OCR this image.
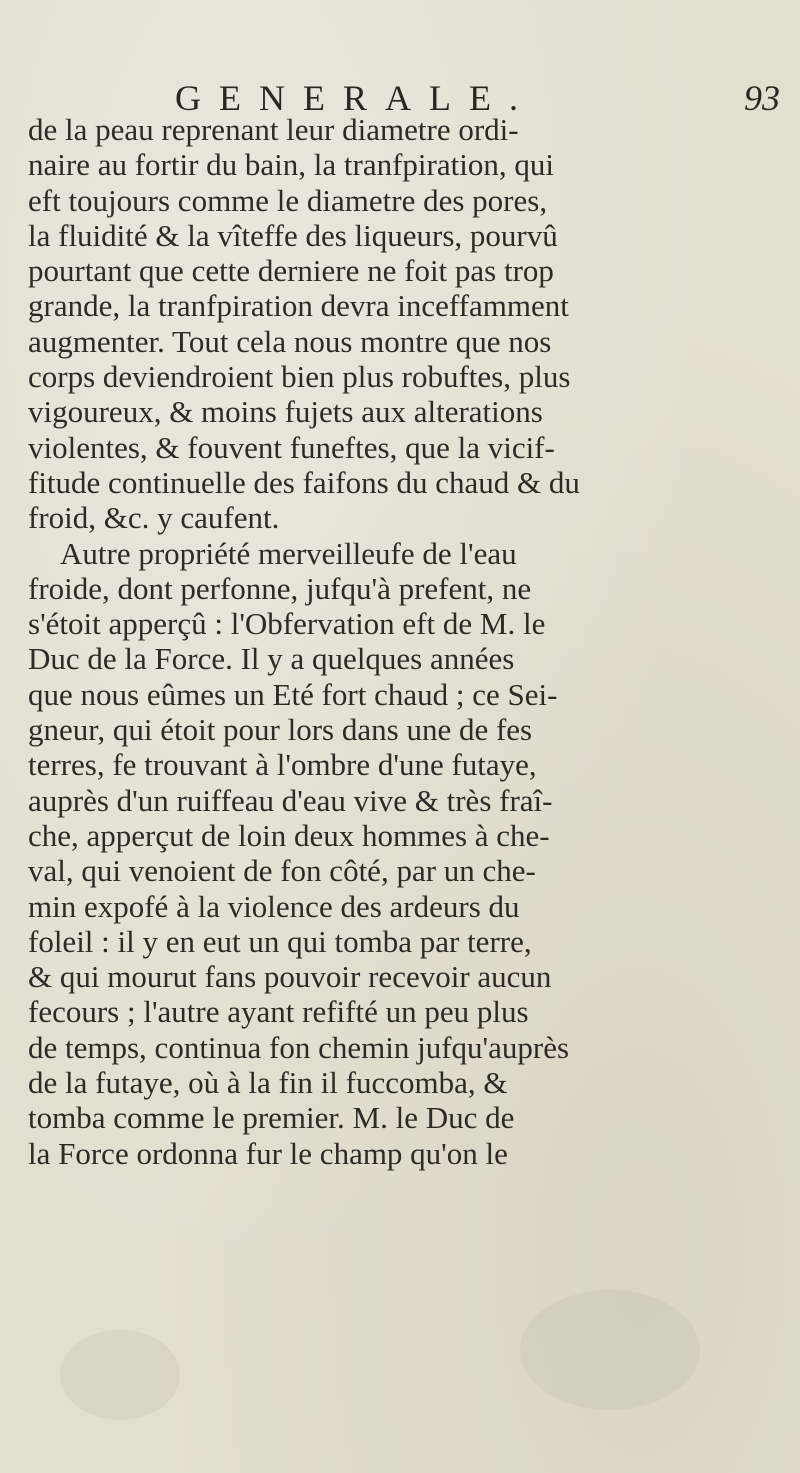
GENERALE.	93
de la peau reprenant leur diametre ordi-
naire au fortir du bain, la tranfpiration, qui
eft toujours comme le diametre des pores,
la fluidité & la vîteffe des liqueurs, pourvû
pourtant que cette derniere ne foit pas trop
grande, la tranfpiration devra inceffamment
augmenter. Tout cela nous montre que nos
corps deviendroient bien plus robuftes, plus
vigoureux, & moins fujets aux alterations
violentes, & fouvent funeftes, que la vicif-
fitude continuelle des faifons du chaud & du
froid, &c. y caufent.
Autre propriété merveilleufe de l'eau
froide, dont perfonne, jufqu'à prefent, ne
s'étoit apperçû : l'Obfervation eft de M. le
Duc de la Force. Il y a quelques années
que nous eûmes un Eté fort chaud ; ce Sei-
gneur, qui étoit pour lors dans une de fes
terres, fe trouvant à l'ombre d'une futaye,
auprès d'un ruiffeau d'eau vive & très fraî-
che, apperçut de loin deux hommes à che-
val, qui venoient de fon côté, par un che-
min expofé à la violence des ardeurs du
foleil : il y en eut un qui tomba par terre,
& qui mourut fans pouvoir recevoir aucun
fecours ; l'autre ayant refifté un peu plus
de temps, continua fon chemin jufqu'auprès
de la futaye, où à la fin il fuccomba, &
tomba comme le premier. M. le Duc de
la Force ordonna fur le champ qu'on le
